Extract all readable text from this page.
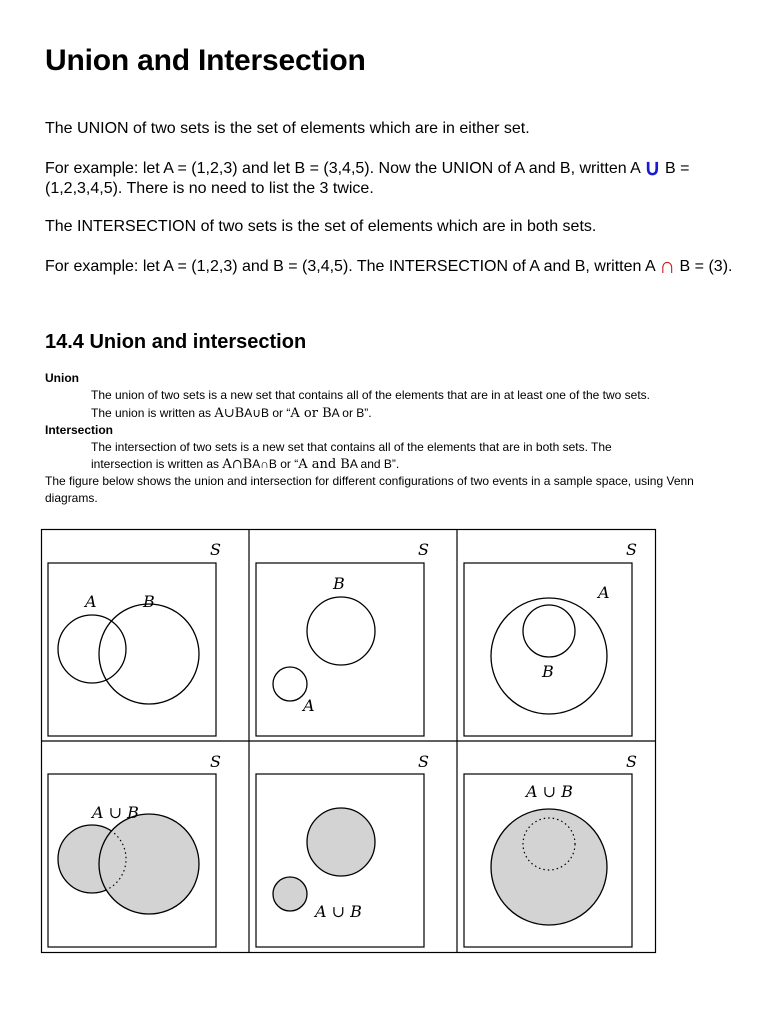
Union and Intersection

The UNION of two sets is the set of elements which are in either set.

For example: let A = (1,2,3) and let B = (3,4,5). Now the UNION of A and B, written A ∪ B = (1,2,3,4,5). There is no need to list the 3 twice.

The INTERSECTION of two sets is the set of elements which are in both sets.

For example: let A = (1,2,3) and B = (3,4,5). The INTERSECTION of A and B, written A ∩ B = (3).

14.4 Union and intersection
Union
The union of two sets is a new set that contains all of the elements that are in at least one of the two sets.
The union is written as A∪BA∪B or “A or BA or B”.
Intersection
The intersection of two sets is a new set that contains all of the elements that are in both sets. The
intersection is written as A∩BA∩B or “A and BA and B”.
The figure below shows the union and intersection for different configurations of two events in a sample space, using Venn diagrams.
S	S	S
S	S	S
A	B
B
A
A
B
A ∪ B
A ∪ B
A ∪ B
